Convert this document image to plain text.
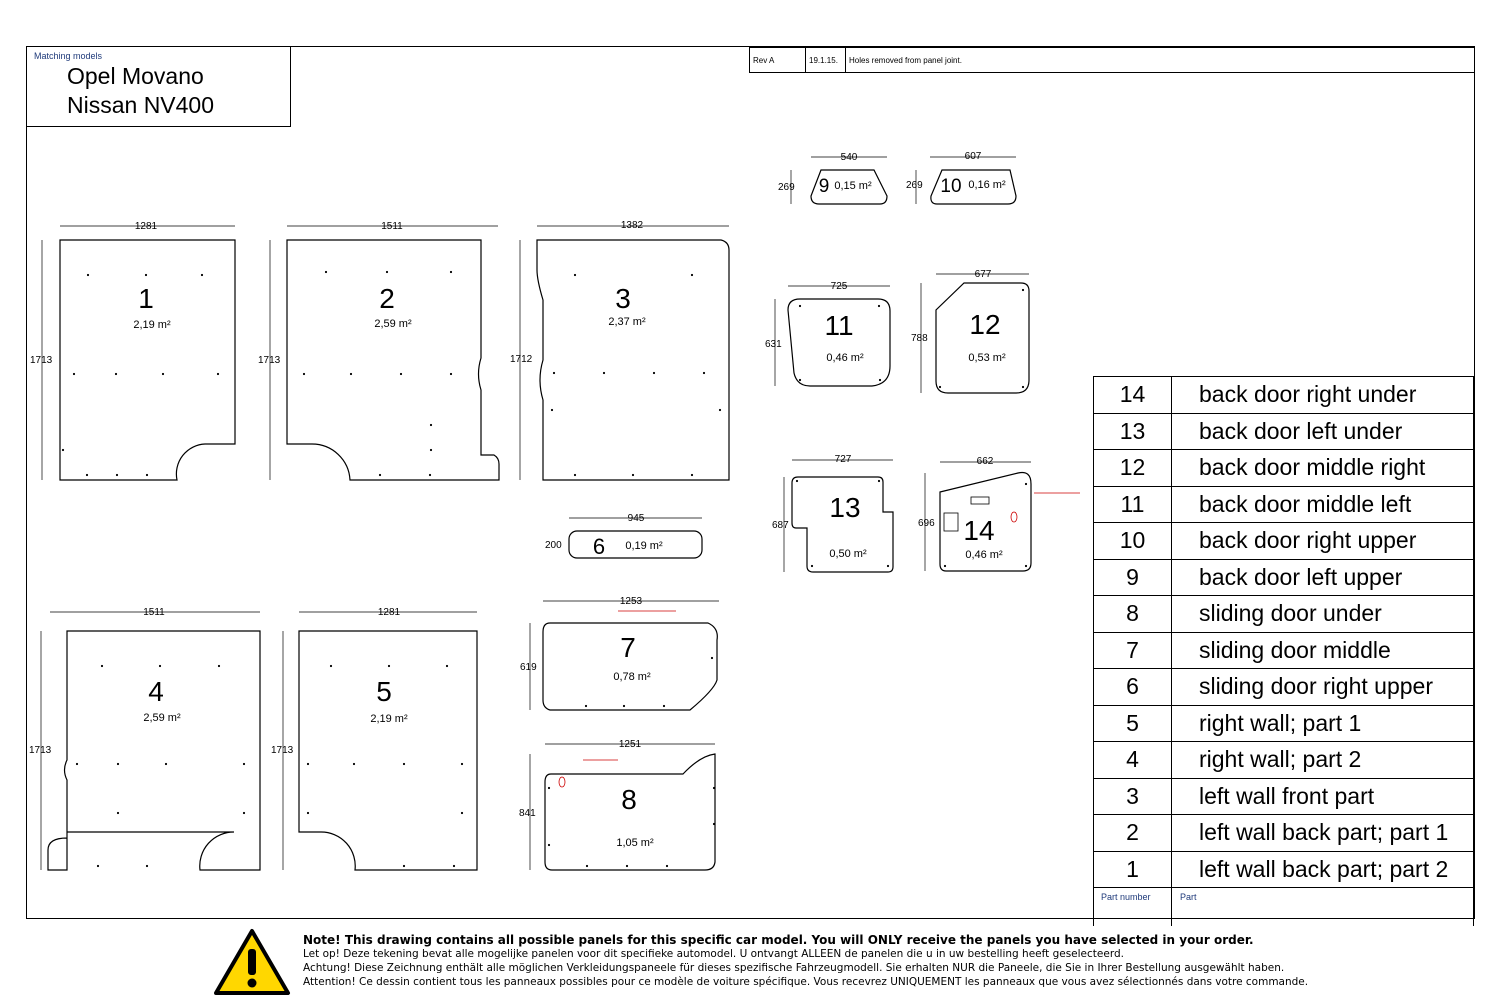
Matching models
Opel Movano
Nissan NV400
Rev A	19.1.15.	Holes removed from panel joint.
1
2,19 m²
1281
1713
2
2,59 m²
1511
1713
3
2,37 m²
1382
1712
4
2,59 m²
1511
1713
5
2,19 m²
1281
1713
6 0,19 m²
945
200
7
0,78 m²
1253
619
8
1,05 m²
1251
841
9 0,15 m²
540
269	10 0,16 m²
607
269
11
0,46 m²
725
631
12
0,53 m²
677
788
13
0,50 m²
727
687	14
0,46 m²
662
696
14	back door right under
13	back door left under
12	back door middle right
11	back door middle left
10	back door right upper
9	back door left upper
8	sliding door under
7	sliding door middle
6	sliding door right upper
5	right wall; part 1
4	right wall; part 2
3	left wall front part
2	left wall back part; part 1
1	left wall back part; part 2
Part number	Part
Note! This drawing contains all possible panels for this specific car model. You will ONLY receive the panels you have selected in your order.
Let op! Deze tekening bevat alle mogelijke panelen voor dit specifieke automodel. U ontvangt ALLEEN de panelen die u in uw bestelling heeft geselecteerd.
Achtung! Diese Zeichnung enthält alle möglichen Verkleidungspaneele für dieses spezifische Fahrzeugmodell. Sie erhalten NUR die Paneele, die Sie in Ihrer Bestellung ausgewählt haben.
Attention! Ce dessin contient tous les panneaux possibles pour ce modèle de voiture spécifique. Vous recevrez UNIQUEMENT les panneaux que vous avez sélectionnés dans votre commande.
